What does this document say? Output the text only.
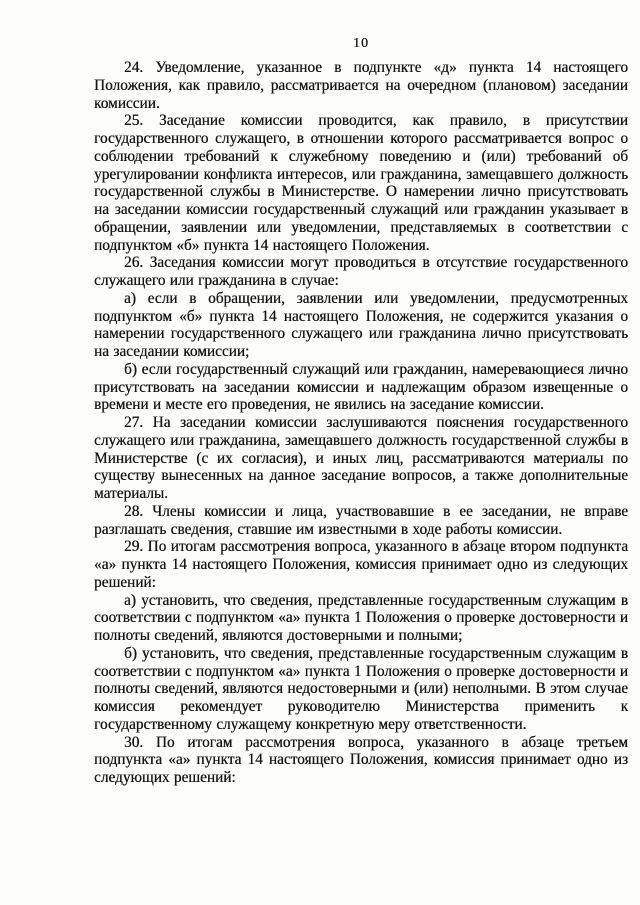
10

24. Уведомление, указанное в подпункте «д» пункта 14 настоящего Положения, как правило, рассматривается на очередном (плановом) заседании комиссии.

25. Заседание комиссии проводится, как правило, в присутствии государственного служащего, в отношении которого рассматривается вопрос о соблюдении требований к служебному поведению и (или) требований об урегулировании конфликта интересов, или гражданина, замещавшего должность государственной службы в Министерстве. О намерении лично присутствовать на заседании комиссии государственный служащий или гражданин указывает в обращении, заявлении или уведомлении, представляемых в соответствии с подпунктом «б» пункта 14 настоящего Положения.

26. Заседания комиссии могут проводиться в отсутствие государственного служащего или гражданина в случае:

а) если в обращении, заявлении или уведомлении, предусмотренных подпунктом «б» пункта 14 настоящего Положения, не содержится указания о намерении государственного служащего или гражданина лично присутствовать на заседании комиссии;

б) если государственный служащий или гражданин, намеревающиеся лично присутствовать на заседании комиссии и надлежащим образом извещенные о времени и месте его проведения, не явились на заседание комиссии.

27. На заседании комиссии заслушиваются пояснения государственного служащего или гражданина, замещавшего должность государственной службы в Министерстве (с их согласия), и иных лиц, рассматриваются материалы по существу вынесенных на данное заседание вопросов, а также дополнительные материалы.

28. Члены комиссии и лица, участвовавшие в ее заседании, не вправе разглашать сведения, ставшие им известными в ходе работы комиссии.

29. По итогам рассмотрения вопроса, указанного в абзаце втором подпункта «а» пункта 14 настоящего Положения, комиссия принимает одно из следующих решений:

а) установить, что сведения, представленные государственным служащим в соответствии с подпунктом «а» пункта 1 Положения о проверке достоверности и полноты сведений, являются достоверными и полными;

б) установить, что сведения, представленные государственным служащим в соответствии с подпунктом «а» пункта 1 Положения о проверке достоверности и полноты сведений, являются недостоверными и (или) неполными. В этом случае комиссия рекомендует руководителю Министерства применить к государственному служащему конкретную меру ответственности.

30. По итогам рассмотрения вопроса, указанного в абзаце третьем подпункта «а» пункта 14 настоящего Положения, комиссия принимает одно из следующих решений:
